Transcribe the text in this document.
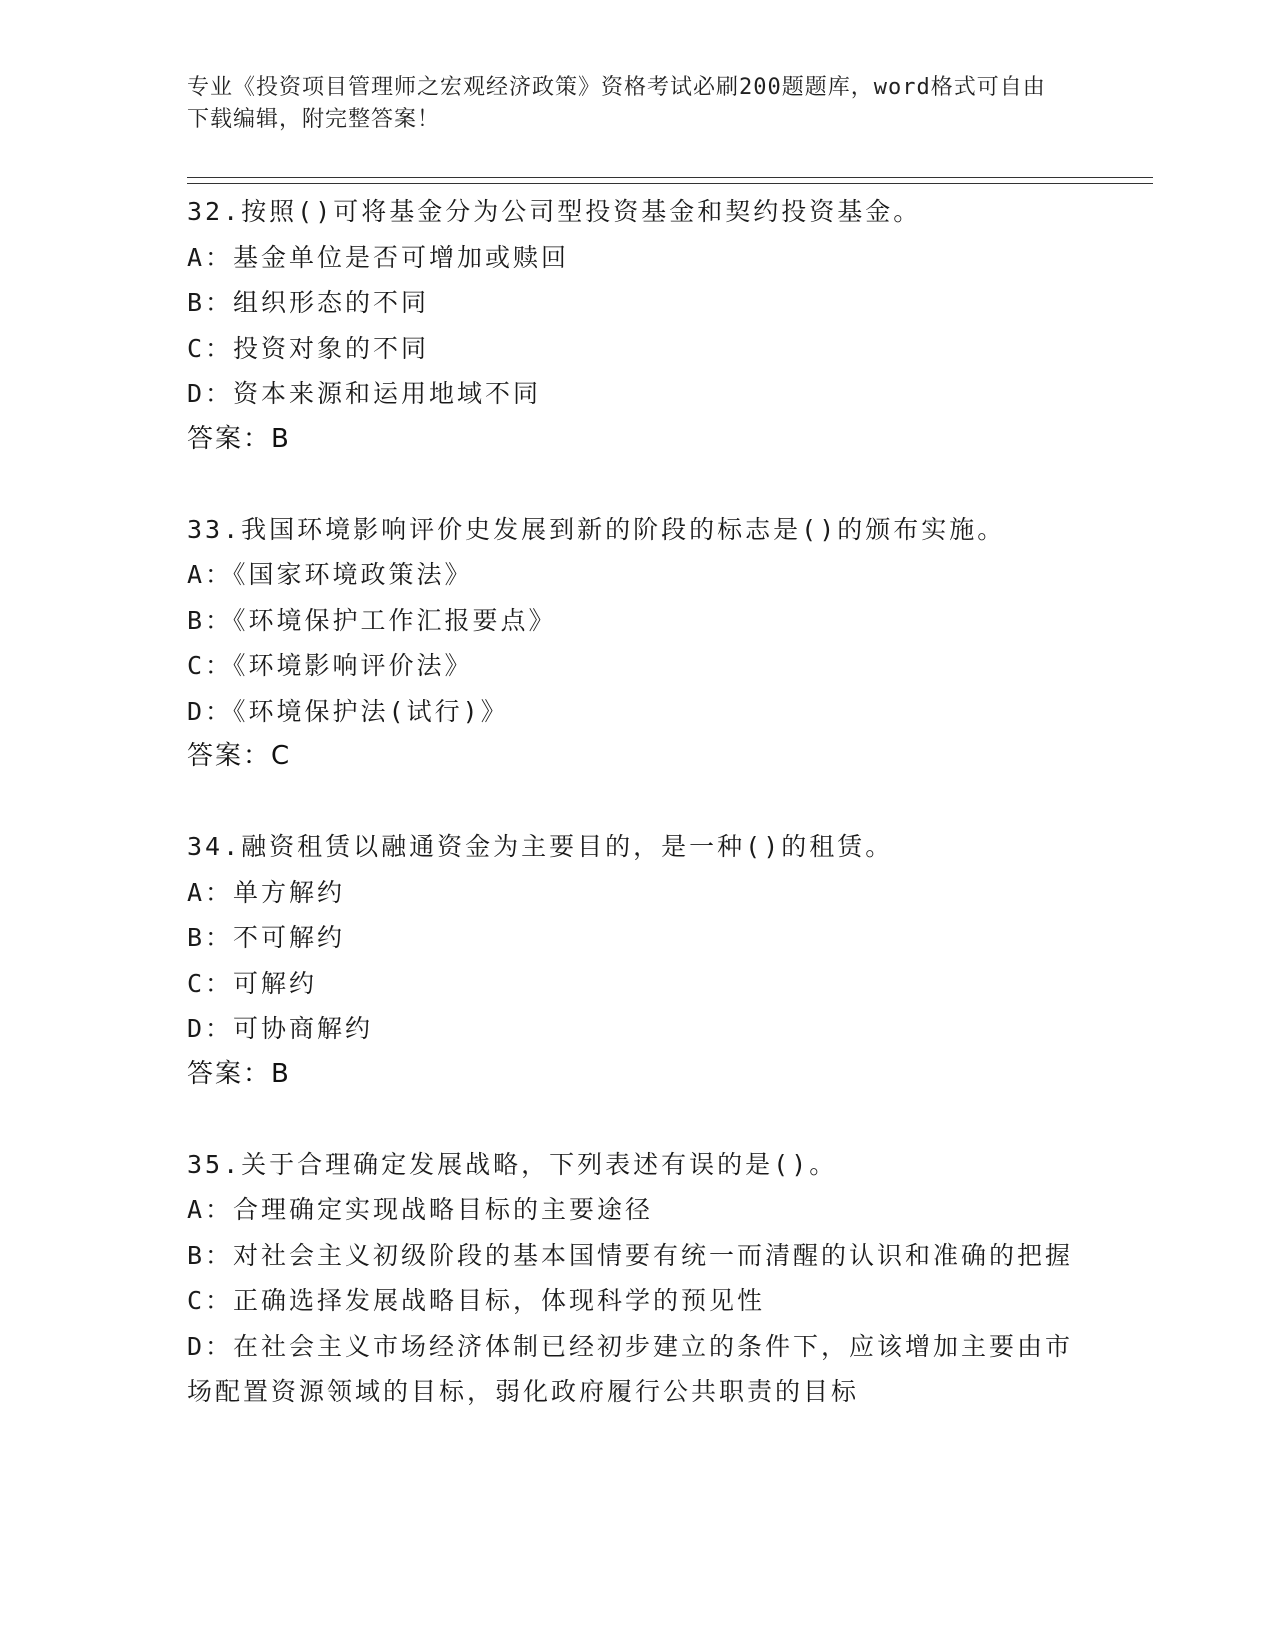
专业《投资项目管理师之宏观经济政策》资格考试必刷200题题库，word格式可自由下载编辑，附完整答案！
32.按照()可将基金分为公司型投资基金和契约投资基金。
A：基金单位是否可增加或赎回
B：组织形态的不同
C：投资对象的不同
D：资本来源和运用地域不同
答案：B
33.我国环境影响评价史发展到新的阶段的标志是()的颁布实施。
A：《国家环境政策法》
B：《环境保护工作汇报要点》
C：《环境影响评价法》
D：《环境保护法(试行)》
答案：C
34.融资租赁以融通资金为主要目的，是一种()的租赁。
A：单方解约
B：不可解约
C：可解约
D：可协商解约
答案：B
35.关于合理确定发展战略，下列表述有误的是()。
A：合理确定实现战略目标的主要途径
B：对社会主义初级阶段的基本国情要有统一而清醒的认识和准确的把握
C：正确选择发展战略目标，体现科学的预见性
D：在社会主义市场经济体制已经初步建立的条件下，应该增加主要由市场配置资源领域的目标，弱化政府履行公共职责的目标
